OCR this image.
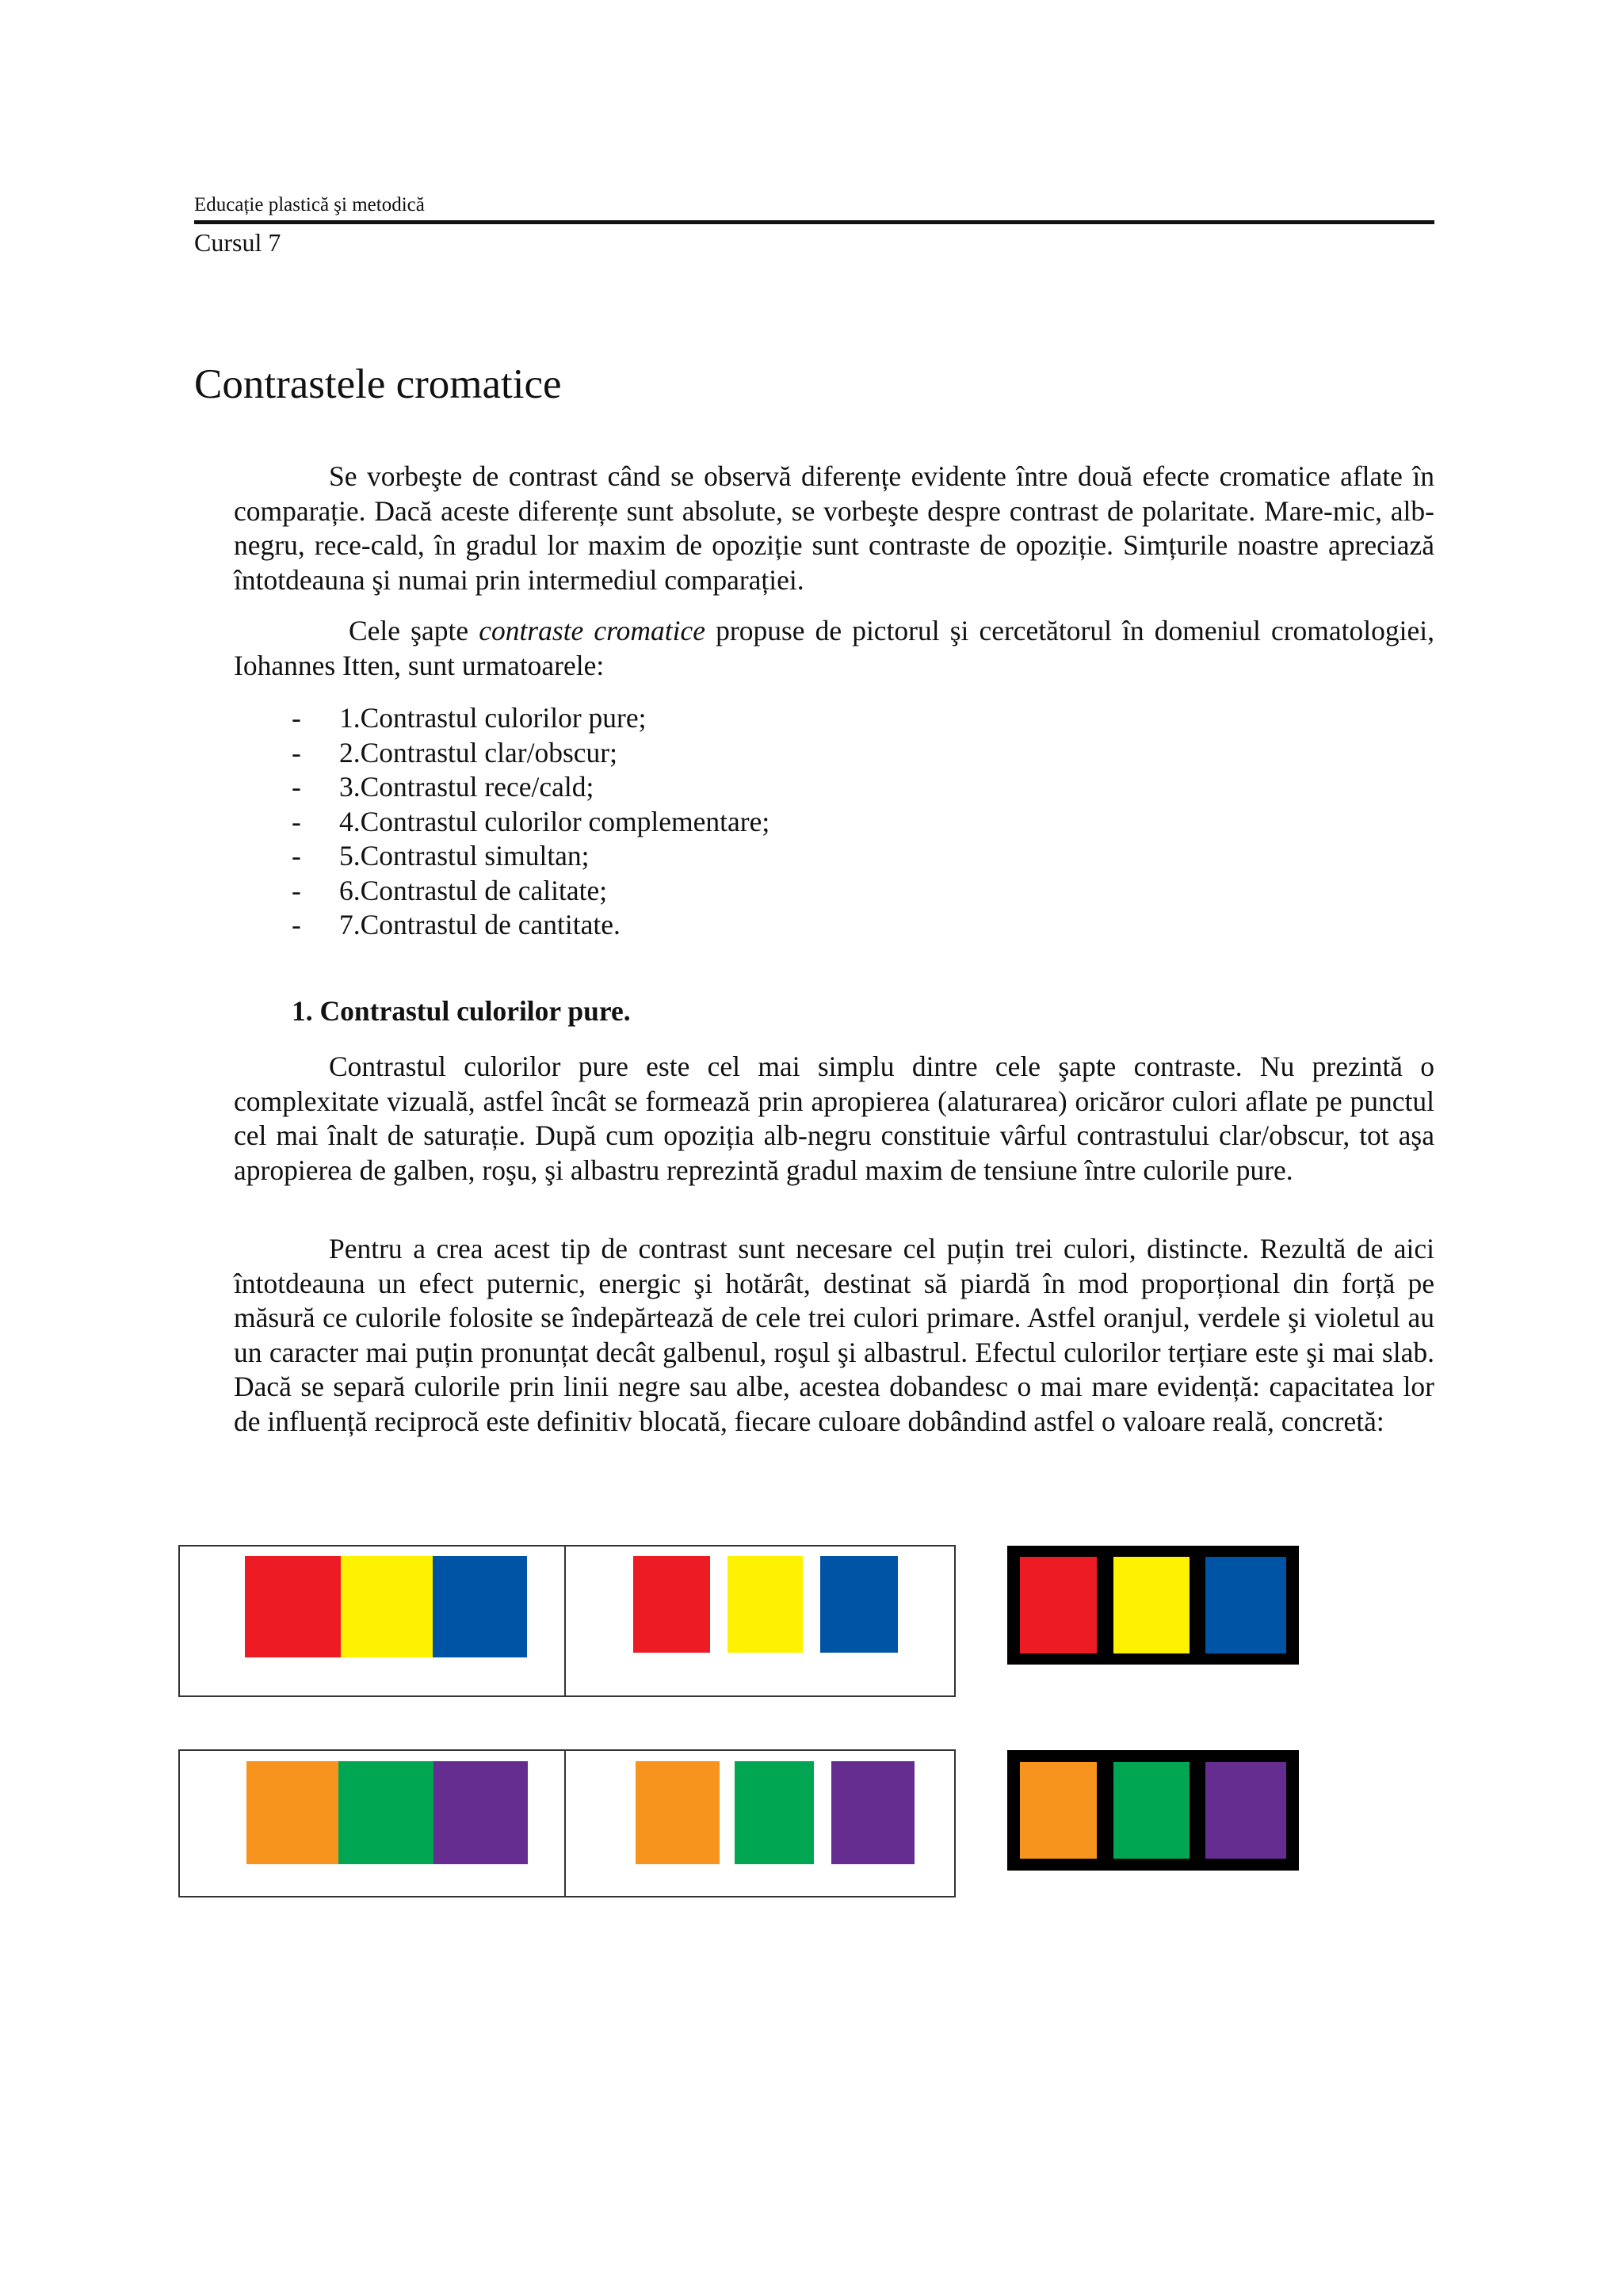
Educație plastică şi metodică
Cursul 7
Contrastele cromatice

Se vorbeşte de contrast când se observă diferențe evidente între două efecte cromatice aflate în comparație. Dacă aceste diferențe sunt absolute, se vorbeşte despre contrast de polaritate. Mare-mic, alb-negru, rece-cald, în gradul lor maxim de opoziție sunt contraste de opoziție. Simțurile noastre apreciază întotdeauna şi numai prin intermediul comparației.

Cele şapte contraste cromatice propuse de pictorul şi cercetătorul în domeniul cromatologiei, Iohannes Itten, sunt urmatoarele:

- 1.Contrastul culorilor pure;
- 2.Contrastul clar/obscur;
- 3.Contrastul rece/cald;
- 4.Contrastul culorilor complementare;
- 5.Contrastul simultan;
- 6.Contrastul de calitate;
- 7.Contrastul de cantitate.
1. Contrastul culorilor pure.

Contrastul culorilor pure este cel mai simplu dintre cele şapte contraste. Nu prezintă o complexitate vizuală, astfel încât se formează prin apropierea (alaturarea) oricăror culori aflate pe punctul cel mai înalt de saturație. După cum opoziția alb-negru constituie vârful contrastului clar/obscur, tot aşa apropierea de galben, roşu, şi albastru reprezintă gradul maxim de tensiune între culorile pure.

Pentru a crea acest tip de contrast sunt necesare cel puțin trei culori, distincte. Rezultă de aici întotdeauna un efect puternic, energic şi hotărât, destinat să piardă în mod proporțional din forță pe măsură ce culorile folosite se îndepărtează de cele trei culori primare. Astfel oranjul, verdele şi violetul au un caracter mai puțin pronunțat decât galbenul, roşul şi albastrul. Efectul culorilor terțiare este şi mai slab. Dacă se separă culorile prin linii negre sau albe, acestea dobandesc o mai mare evidență: capacitatea lor de influență reciprocă este definitiv blocată, fiecare culoare dobândind astfel o valoare reală, concretă:
